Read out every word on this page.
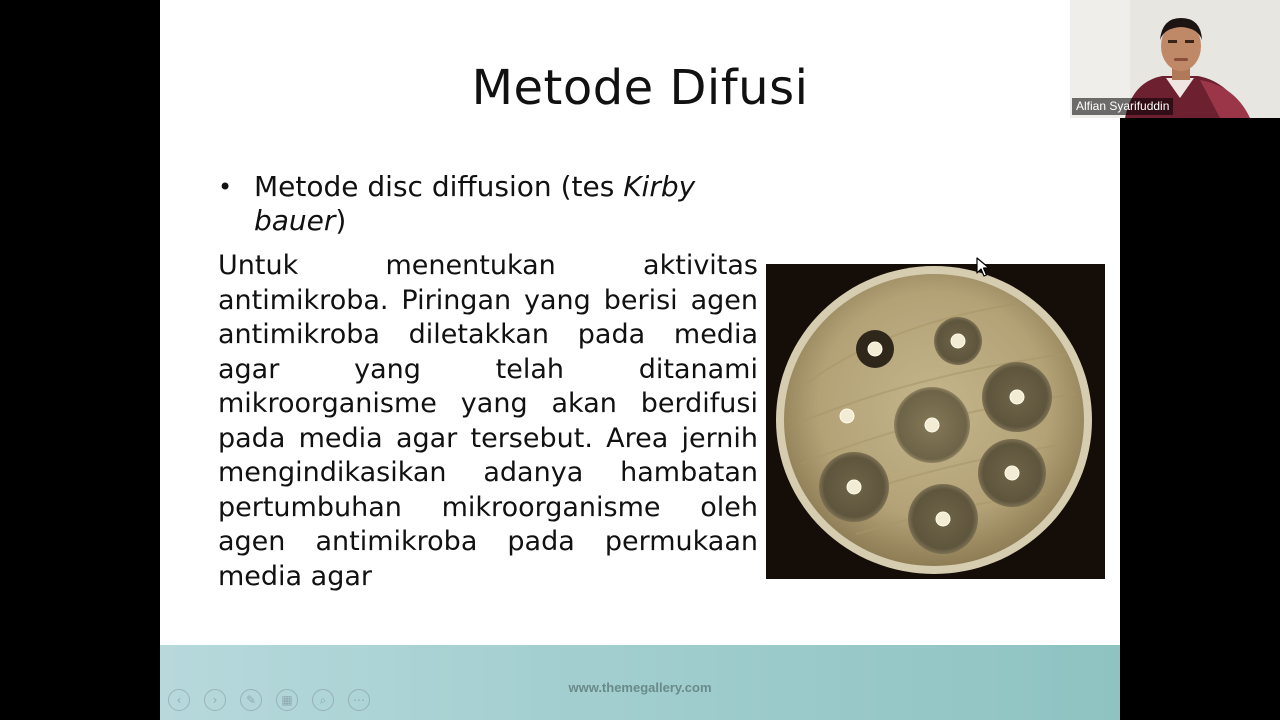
Metode Difusi
• Metode disc diffusion (tes Kirby bauer)
Untuk menentukan aktivitas antimikroba. Piringan yang berisi agen antimikroba diletakkan pada media agar yang telah ditanami mikroorganisme yang akan berdifusi pada media agar tersebut. Area jernih mengindikasikan adanya hambatan pertumbuhan mikroorganisme oleh agen antimikroba pada permukaan media agar
www.themegallery.com
‹	›	✎	▦	⌕	⋯
Alfian Syarifuddin
